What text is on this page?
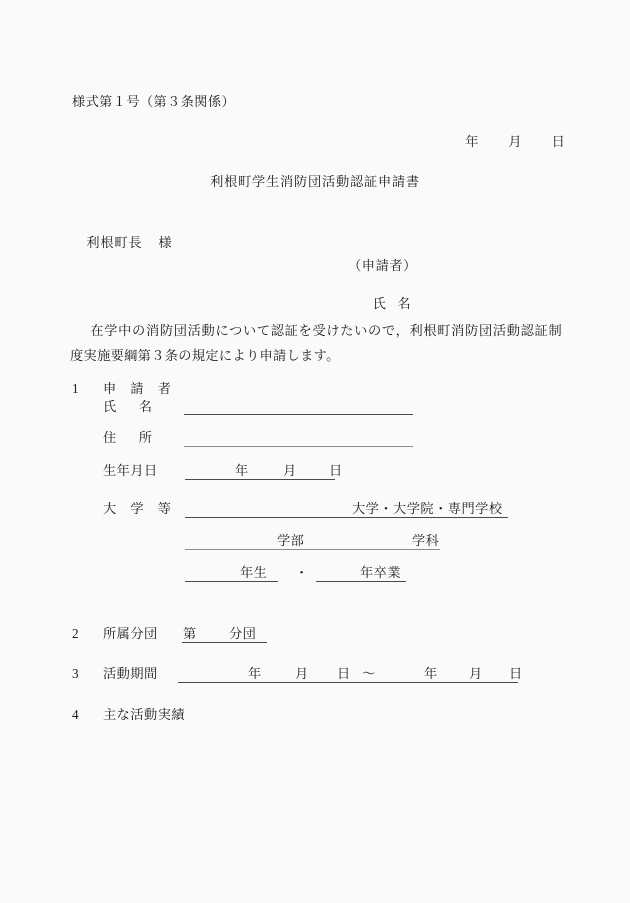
様式第１号（第３条関係）

年 月 日

利根町学生消防団活動認証申請書

利根町長 様

（申請者）

氏 名

在学中の消防団活動について認証を受けたいので，利根町消防団活動認証制度実施要綱第３条の規定により申請します。
1 申　請　者
氏 名
住 所
生年月日	年	月 日
大　学　等	大学・大学院・専門学校
学部	学科
年生 ・	年卒業
2 所属分団 第 分団
3 活動期間	年	月 日 ～	年 月 日
4 主な活動実績
